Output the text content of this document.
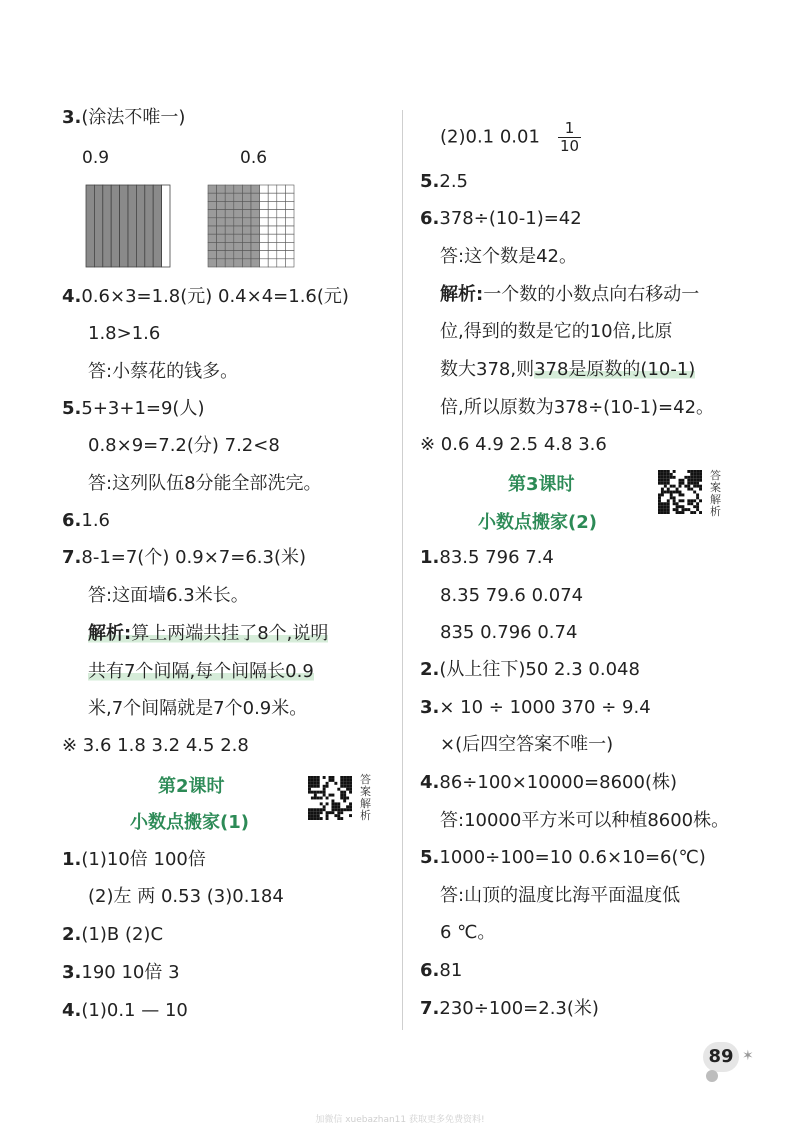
3.(涂法不唯一)
0.9	0.6
4.0.6×3=1.8(元) 0.4×4=1.6(元)
1.8>1.6
答:小蔡花的钱多。
5.5+3+1=9(人)
0.8×9=7.2(分) 7.2<8
答:这列队伍8分能全部洗完。
6.1.6
7.8-1=7(个) 0.9×7=6.3(米)
答:这面墙6.3米长。
解析:算上两端共挂了8个,说明
共有7个间隔,每个间隔长0.9
米,7个间隔就是7个0.9米。
※ 3.6 1.8 3.2 4.5 2.8
第2课时
小数点搬家(1)
答案解析
1.(1)10倍 100倍
(2)左 两 0.53 (3)0.184
2.(1)B (2)C
3.190 10倍 3
4.(1)0.1 — 10
(2)0.1 $0.01 \frac{1}{10}$
5.2.5
6.378÷(10-1)=42
答:这个数是42。
解析:一个数的小数点向右移动一
位,得到的数是它的10倍,比原
数大378,则378是原数的(10-1)
倍,所以原数为378÷(10-1)=42。
※ 0.6 4.9 2.5 4.8 3.6
第3课时
小数点搬家(2)
答案解析
1.83.5 796 7.4
8.35 79.6 0.074
835 0.796 0.74
2.(从上往下)50 2.3 0.048
3.× 10 ÷ 1000 370 ÷ 9.4
×(后四空答案不唯一)
4.86÷100×10000=8600(株)
答:10000平方米可以种植8600株。
5.1000÷100=10 0.6×10=6(℃)
答:山顶的温度比海平面温度低
6 ℃。
6.81
7.230÷100=2.3(米)
89 ✶
加微信 xuebazhan11 获取更多免费资料!
